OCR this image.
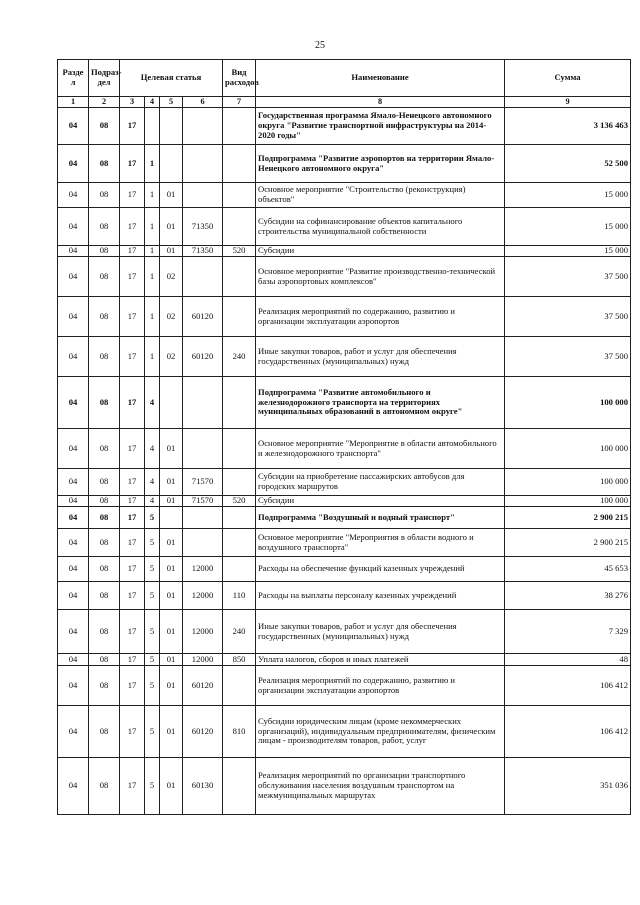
25
Разде л	Подраз- дел	Целевая статья				Вид расходов	Наименование	Сумма
1	2	3	4	5	6	7	8	9
04	08	17					Государственная программа Ямало-Ненецкого автономного округа "Развитие транспортной инфраструктуры на 2014-2020 годы"	3 136 463
04	08	17	1				Подпрограмма "Развитие аэропортов на территории Ямало-Ненецкого автономного округа"	52 500
04	08	17	1	01			Основное мероприятие "Строительство (реконструкция) объектов"	15 000
04	08	17	1	01	71350		Субсидии на софинансирование объектов капитального строительства муниципальной собственности	15 000
04	08	17	1	01	71350	520	Субсидии	15 000
04	08	17	1	02			Основное мероприятие "Развитие производственно-технической базы аэропортовых комплексов"	37 500
04	08	17	1	02	60120		Реализация мероприятий по содержанию, развитию и организации эксплуатации аэропортов	37 500
04	08	17	1	02	60120	240	Иные закупки товаров, работ и услуг для обеспечения государственных (муниципальных) нужд	37 500
04	08	17	4				Подпрограмма "Развитие автомобильного и железнодорожного транспорта на территориях муниципальных образований в автономном округе"	100 000
04	08	17	4	01			Основное мероприятие "Мероприятие в области автомобильного и железнодорожного транспорта"	100 000
04	08	17	4	01	71570		Субсидии на приобретение пассажирских автобусов для городских маршрутов	100 000
04	08	17	4	01	71570	520	Субсидии	100 000
04	08	17	5				Подпрограмма "Воздушный и водный транспорт"	2 900 215
04	08	17	5	01			Основное мероприятие "Мероприятия в области водного и воздушного транспорта"	2 900 215
04	08	17	5	01	12000		Расходы на обеспечение функций казенных учреждений	45 653
04	08	17	5	01	12000	110	Расходы на выплаты персоналу казенных учреждений	38 276
04	08	17	5	01	12000	240	Иные закупки товаров, работ и услуг для обеспечения государственных (муниципальных) нужд	7 329
04	08	17	5	01	12000	850	Уплата налогов, сборов и иных платежей	48
04	08	17	5	01	60120		Реализация мероприятий по содержанию, развитию и организации эксплуатации аэропортов	106 412
04	08	17	5	01	60120	810	Субсидии юридическим лицам (кроме некоммерческих организаций), индивидуальным предпринимателям, физическим лицам - производителям товаров, работ, услуг	106 412
04	08	17	5	01	60130		Реализация мероприятий по организации транспортного обслуживания населения воздушным транспортом на межмуниципальных маршрутах	351 036
